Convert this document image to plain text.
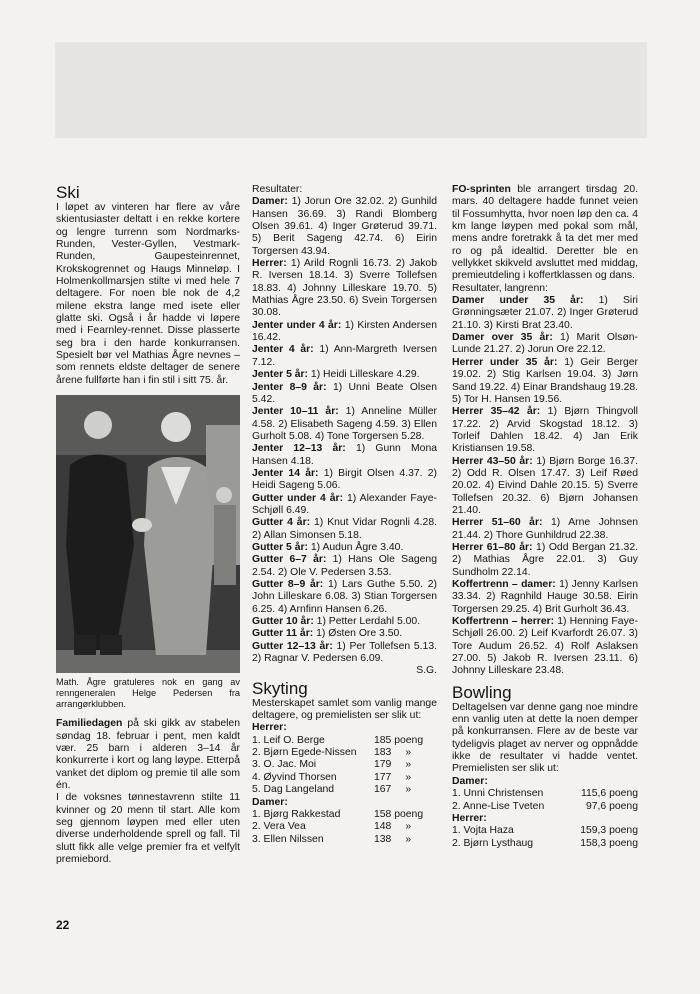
Ski

I løpet av vinteren har flere av våre skientusiaster deltatt i en rekke kortere og lengre turrenn som Nordmarks-Runden, Vester-Gyllen, Vestmark-Runden, Gaupesteinrennet, Krokskogrennet og Haugs Minneløp. I Holmenkollmarsjen stilte vi med hele 7 deltagere. For noen ble nok de 4,2 milene ekstra lange med isete eller glatte ski. Også i år hadde vi løpere med i Fearnley-rennet. Disse plasserte seg bra i den harde konkurransen. Spesielt bør vel Mathias Ågre nevnes – som rennets eldste deltager de senere årene fullførte han i fin stil i sitt 75. år.

Math. Ågre gratuleres nok en gang av renngeneralen Helge Pedersen fra arrangørklubben.

Familiedagen på ski gikk av stabelen søndag 18. februar i pent, men kaldt vær. 25 barn i alderen 3–14 år konkurrerte i kort og lang løype. Etterpå vanket det diplom og premie til alle som én.

I de voksnes tønnestavrenn stilte 11 kvinner og 20 menn til start. Alle kom seg gjennom løypen med eller uten diverse underholdende sprell og fall. Til slutt fikk alle velge premier fra et velfylt premiebord.

Resultater:

Damer: 1) Jorun Ore 32.02. 2) Gunhild Hansen 36.69. 3) Randi Blomberg Olsen 39.61. 4) Inger Grøterud 39.71. 5) Berit Sageng 42.74. 6) Eirin Torgersen 43.94.

Herrer: 1) Arild Rognli 16.73. 2) Jakob R. Iversen 18.14. 3) Sverre Tollefsen 18.83. 4) Johnny Lilleskare 19.70. 5) Mathias Ågre 23.50. 6) Svein Torgersen 30.08.

Jenter under 4 år: 1) Kirsten Andersen 16.42.

Jenter 4 år: 1) Ann-Margreth Iversen 7.12.

Jenter 5 år: 1) Heidi Lilleskare 4.29.

Jenter 8–9 år: 1) Unni Beate Olsen 5.42.

Jenter 10–11 år: 1) Anneline Müller 4.58. 2) Elisabeth Sageng 4.59. 3) Ellen Gurholt 5.08. 4) Tone Torgersen 5.28.

Jenter 12–13 år: 1) Gunn Mona Hansen 4.18.

Jenter 14 år: 1) Birgit Olsen 4.37. 2) Heidi Sageng 5.06.

Gutter under 4 år: 1) Alexander Faye-Schjøll 6.49.

Gutter 4 år: 1) Knut Vidar Rognli 4.28. 2) Allan Simonsen 5.18.

Gutter 5 år: 1) Audun Ågre 3.40.

Gutter 6–7 år: 1) Hans Ole Sageng 2.54. 2) Ole V. Pedersen 3.53.

Gutter 8–9 år: 1) Lars Guthe 5.50. 2) John Lilleskare 6.08. 3) Stian Torgersen 6.25. 4) Arnfinn Hansen 6.26.

Gutter 10 år: 1) Petter Lerdahl 5.00.

Gutter 11 år: 1) Østen Ore 3.50.

Gutter 12–13 år: 1) Per Tollefsen 5.13. 2) Ragnar V. Pedersen 6.09.

S.G.

Skyting

Mesterskapet samlet som vanlig mange deltagere, og premielisten ser slik ut:

Herrer:
1. Leif O. Berge	185 poeng
2. Bjørn Egede-Nissen	183 »
3. O. Jac. Moi	179 »
4. Øyvind Thorsen	177 »
5. Dag Langeland	167 »
Damer:
1. Bjørg Rakkestad	158 poeng
2. Vera Vea	148 »
3. Ellen Nilssen	138 »

FO-sprinten ble arrangert tirsdag 20. mars. 40 deltagere hadde funnet veien til Fossumhytta, hvor noen løp den ca. 4 km lange løypen med pokal som mål, mens andre foretrakk å ta det mer med ro og på idealtid. Deretter ble en vellykket skikveld avsluttet med middag, premieutdeling i koffertklassen og dans.

Resultater, langrenn:

Damer under 35 år: 1) Siri Grønningsæter 21.07. 2) Inger Grøterud 21.10. 3) Kirsti Brat 23.40.

Damer over 35 år: 1) Marit Olsøn-Lunde 21.27. 2) Jorun Ore 22.12.

Herrer under 35 år: 1) Geir Berger 19.02. 2) Stig Karlsen 19.04. 3) Jørn Sand 19.22. 4) Einar Brandshaug 19.28. 5) Tor H. Hansen 19.56.

Herrer 35–42 år: 1) Bjørn Thingvoll 17.22. 2) Arvid Skogstad 18.12. 3) Torleif Dahlen 18.42. 4) Jan Erik Kristiansen 19.58.

Herrer 43–50 år: 1) Bjørn Borge 16.37. 2) Odd R. Olsen 17.47. 3) Leif Røed 20.02. 4) Eivind Dahle 20.15. 5) Sverre Tollefsen 20.32. 6) Bjørn Johansen 21.40.

Herrer 51–60 år: 1) Arne Johnsen 21.44. 2) Thore Gunhildrud 22.38.

Herrer 61–80 år: 1) Odd Bergan 21.32. 2) Mathias Ågre 22.01. 3) Guy Sundholm 22.14.

Koffertrenn – damer: 1) Jenny Karlsen 33.34. 2) Ragnhild Hauge 30.58. Eirin Torgersen 29.25. 4) Brit Gurholt 36.43.

Koffertrenn – herrer: 1) Henning Faye-Schjøll 26.00. 2) Leif Kvarfordt 26.07. 3) Tore Audum 26.52. 4) Rolf Aslaksen 27.00. 5) Jakob R. Iversen 23.11. 6) Johnny Lilleskare 23.48.

Bowling

Deltagelsen var denne gang noe mindre enn vanlig uten at dette la noen demper på konkurransen. Flere av de beste var tydeligvis plaget av nerver og oppnådde ikke de resultater vi hadde ventet. Premielisten ser slik ut:

Damer:
1. Unni Christensen	115,6 poeng
2. Anne-Lise Tveten	97,6 poeng
Herrer:
1. Vojta Haza	159,3 poeng
2. Bjørn Lysthaug	158,3 poeng
22
